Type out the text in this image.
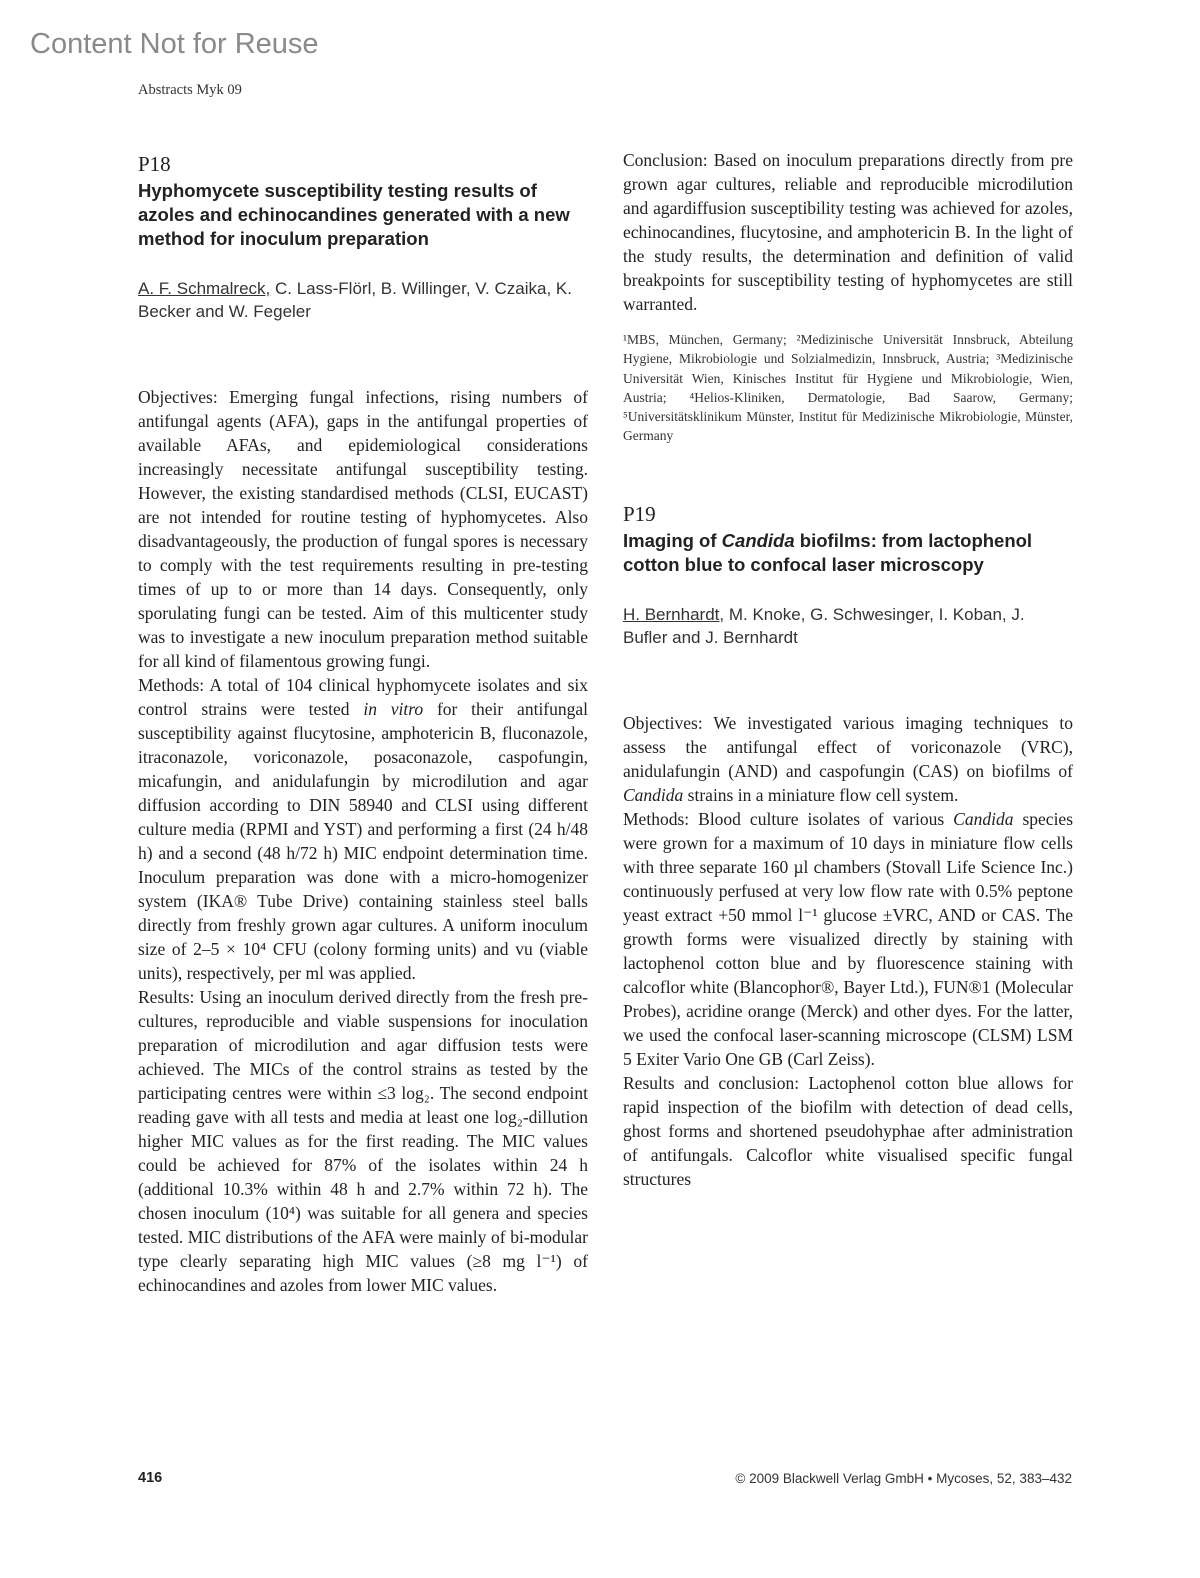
Content Not for Reuse
Abstracts Myk 09
P18
Hyphomycete susceptibility testing results of azoles and echinocandines generated with a new method for inoculum preparation
A. F. Schmalreck, C. Lass-Flörl, B. Willinger, V. Czaika, K. Becker and W. Fegeler

Objectives: Emerging fungal infections, rising numbers of antifungal agents (AFA), gaps in the antifungal properties of available AFAs, and epidemiological considerations increasingly necessitate antifungal susceptibility testing. However, the existing standardised methods (CLSI, EUCAST) are not intended for routine testing of hyphomycetes. Also disadvantageously, the production of fungal spores is necessary to comply with the test requirements resulting in pre-testing times of up to or more than 14 days. Consequently, only sporulating fungi can be tested. Aim of this multicenter study was to investigate a new inoculum preparation method suitable for all kind of filamentous growing fungi.

Methods: A total of 104 clinical hyphomycete isolates and six control strains were tested in vitro for their antifungal susceptibility against flucytosine, amphotericin B, fluconazole, itraconazole, voriconazole, posaconazole, caspofungin, micafungin, and anidulafungin by microdilution and agar diffusion according to DIN 58940 and CLSI using different culture media (RPMI and YST) and performing a first (24 h/48 h) and a second (48 h/72 h) MIC endpoint determination time. Inoculum preparation was done with a micro-homogenizer system (IKA® Tube Drive) containing stainless steel balls directly from freshly grown agar cultures. A uniform inoculum size of 2–5 × 10⁴ CFU (colony forming units) and vu (viable units), respectively, per ml was applied.

Results: Using an inoculum derived directly from the fresh pre-cultures, reproducible and viable suspensions for inoculation preparation of microdilution and agar diffusion tests were achieved. The MICs of the control strains as tested by the participating centres were within ≤3 log₂. The second endpoint reading gave with all tests and media at least one log₂-dillution higher MIC values as for the first reading. The MIC values could be achieved for 87% of the isolates within 24 h (additional 10.3% within 48 h and 2.7% within 72 h). The chosen inoculum (10⁴) was suitable for all genera and species tested. MIC distributions of the AFA were mainly of bi-modular type clearly separating high MIC values (≥8 mg l⁻¹) of echinocandines and azoles from lower MIC values.

Conclusion: Based on inoculum preparations directly from pre grown agar cultures, reliable and reproducible microdilution and agardiffusion susceptibility testing was achieved for azoles, echinocandines, flucytosine, and amphotericin B. In the light of the study results, the determination and definition of valid breakpoints for susceptibility testing of hyphomycetes are still warranted.

¹MBS, München, Germany; ²Medizinische Universität Innsbruck, Abteilung Hygiene, Mikrobiologie und Solzialmedizin, Innsbruck, Austria; ³Medizinische Universität Wien, Kinisches Institut für Hygiene und Mikrobiologie, Wien, Austria; ⁴Helios-Kliniken, Dermatologie, Bad Saarow, Germany; ⁵Universitätsklinikum Münster, Institut für Medizinische Mikrobiologie, Münster, Germany

P19
Imaging of Candida biofilms: from lactophenol cotton blue to confocal laser microscopy
H. Bernhardt, M. Knoke, G. Schwesinger, I. Koban, J. Bufler and J. Bernhardt

Objectives: We investigated various imaging techniques to assess the antifungal effect of voriconazole (VRC), anidulafungin (AND) and caspofungin (CAS) on biofilms of Candida strains in a miniature flow cell system.

Methods: Blood culture isolates of various Candida species were grown for a maximum of 10 days in miniature flow cells with three separate 160 µl chambers (Stovall Life Science Inc.) continuously perfused at very low flow rate with 0.5% peptone yeast extract +50 mmol l⁻¹ glucose ±VRC, AND or CAS. The growth forms were visualized directly by staining with lactophenol cotton blue and by fluorescence staining with calcoflor white (Blancophor®, Bayer Ltd.), FUN®1 (Molecular Probes), acridine orange (Merck) and other dyes. For the latter, we used the confocal laser-scanning microscope (CLSM) LSM 5 Exiter Vario One GB (Carl Zeiss).

Results and conclusion: Lactophenol cotton blue allows for rapid inspection of the biofilm with detection of dead cells, ghost forms and shortened pseudohyphae after administration of antifungals. Calcoflor white visualised specific fungal structures

416	© 2009 Blackwell Verlag GmbH • Mycoses, 52, 383–432
